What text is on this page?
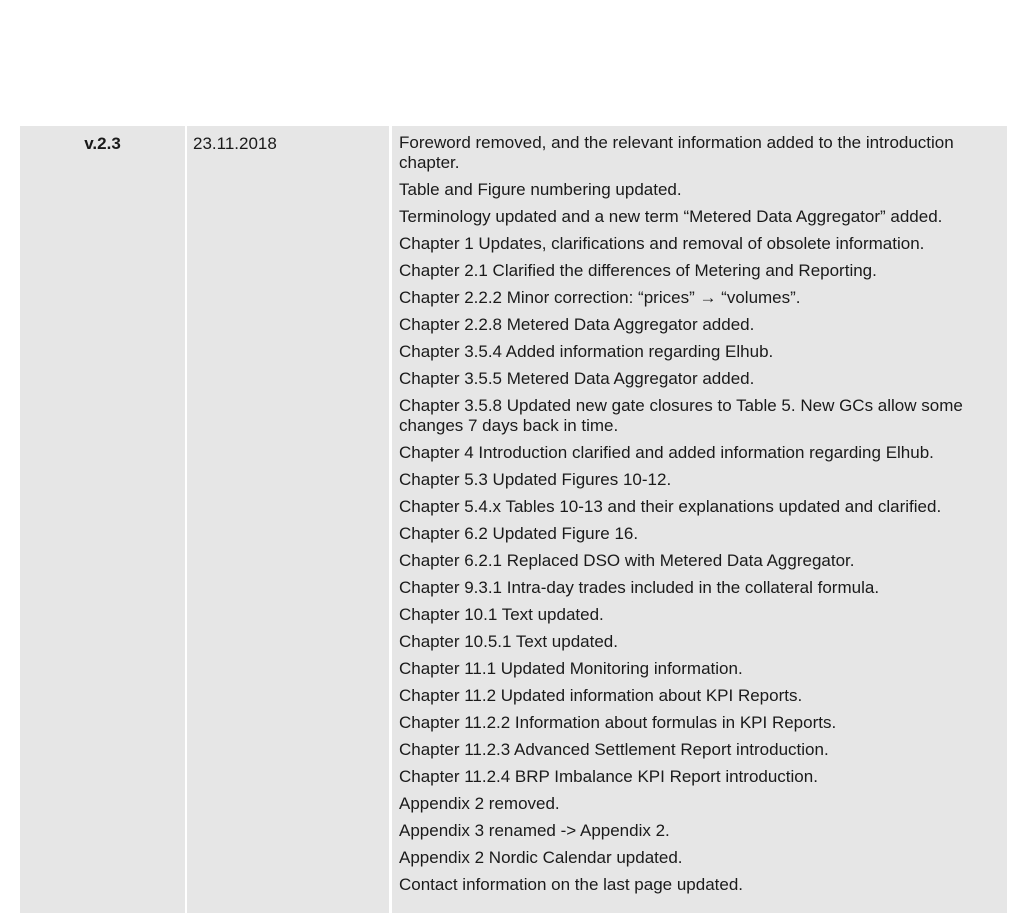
v.2.3	23.11.2018	Foreword removed, and the relevant information added to the introduction chapter.
Table and Figure numbering updated.
Terminology updated and a new term “Metered Data Aggregator” added.
Chapter 1 Updates, clarifications and removal of obsolete information.
Chapter 2.1 Clarified the differences of Metering and Reporting.
Chapter 2.2.2 Minor correction: “prices” → “volumes”.
Chapter 2.2.8 Metered Data Aggregator added.
Chapter 3.5.4 Added information regarding Elhub.
Chapter 3.5.5 Metered Data Aggregator added.
Chapter 3.5.8 Updated new gate closures to Table 5. New GCs allow some changes 7 days back in time.
Chapter 4 Introduction clarified and added information regarding Elhub.
Chapter 5.3 Updated Figures 10-12.
Chapter 5.4.x Tables 10-13 and their explanations updated and clarified.
Chapter 6.2 Updated Figure 16.
Chapter 6.2.1 Replaced DSO with Metered Data Aggregator.
Chapter 9.3.1 Intra-day trades included in the collateral formula.
Chapter 10.1 Text updated.
Chapter 10.5.1 Text updated.
Chapter 11.1 Updated Monitoring information.
Chapter 11.2 Updated information about KPI Reports.
Chapter 11.2.2 Information about formulas in KPI Reports.
Chapter 11.2.3 Advanced Settlement Report introduction.
Chapter 11.2.4 BRP Imbalance KPI Report introduction.
Appendix 2 removed.
Appendix 3 renamed -> Appendix 2.
Appendix 2 Nordic Calendar updated.
Contact information on the last page updated.
